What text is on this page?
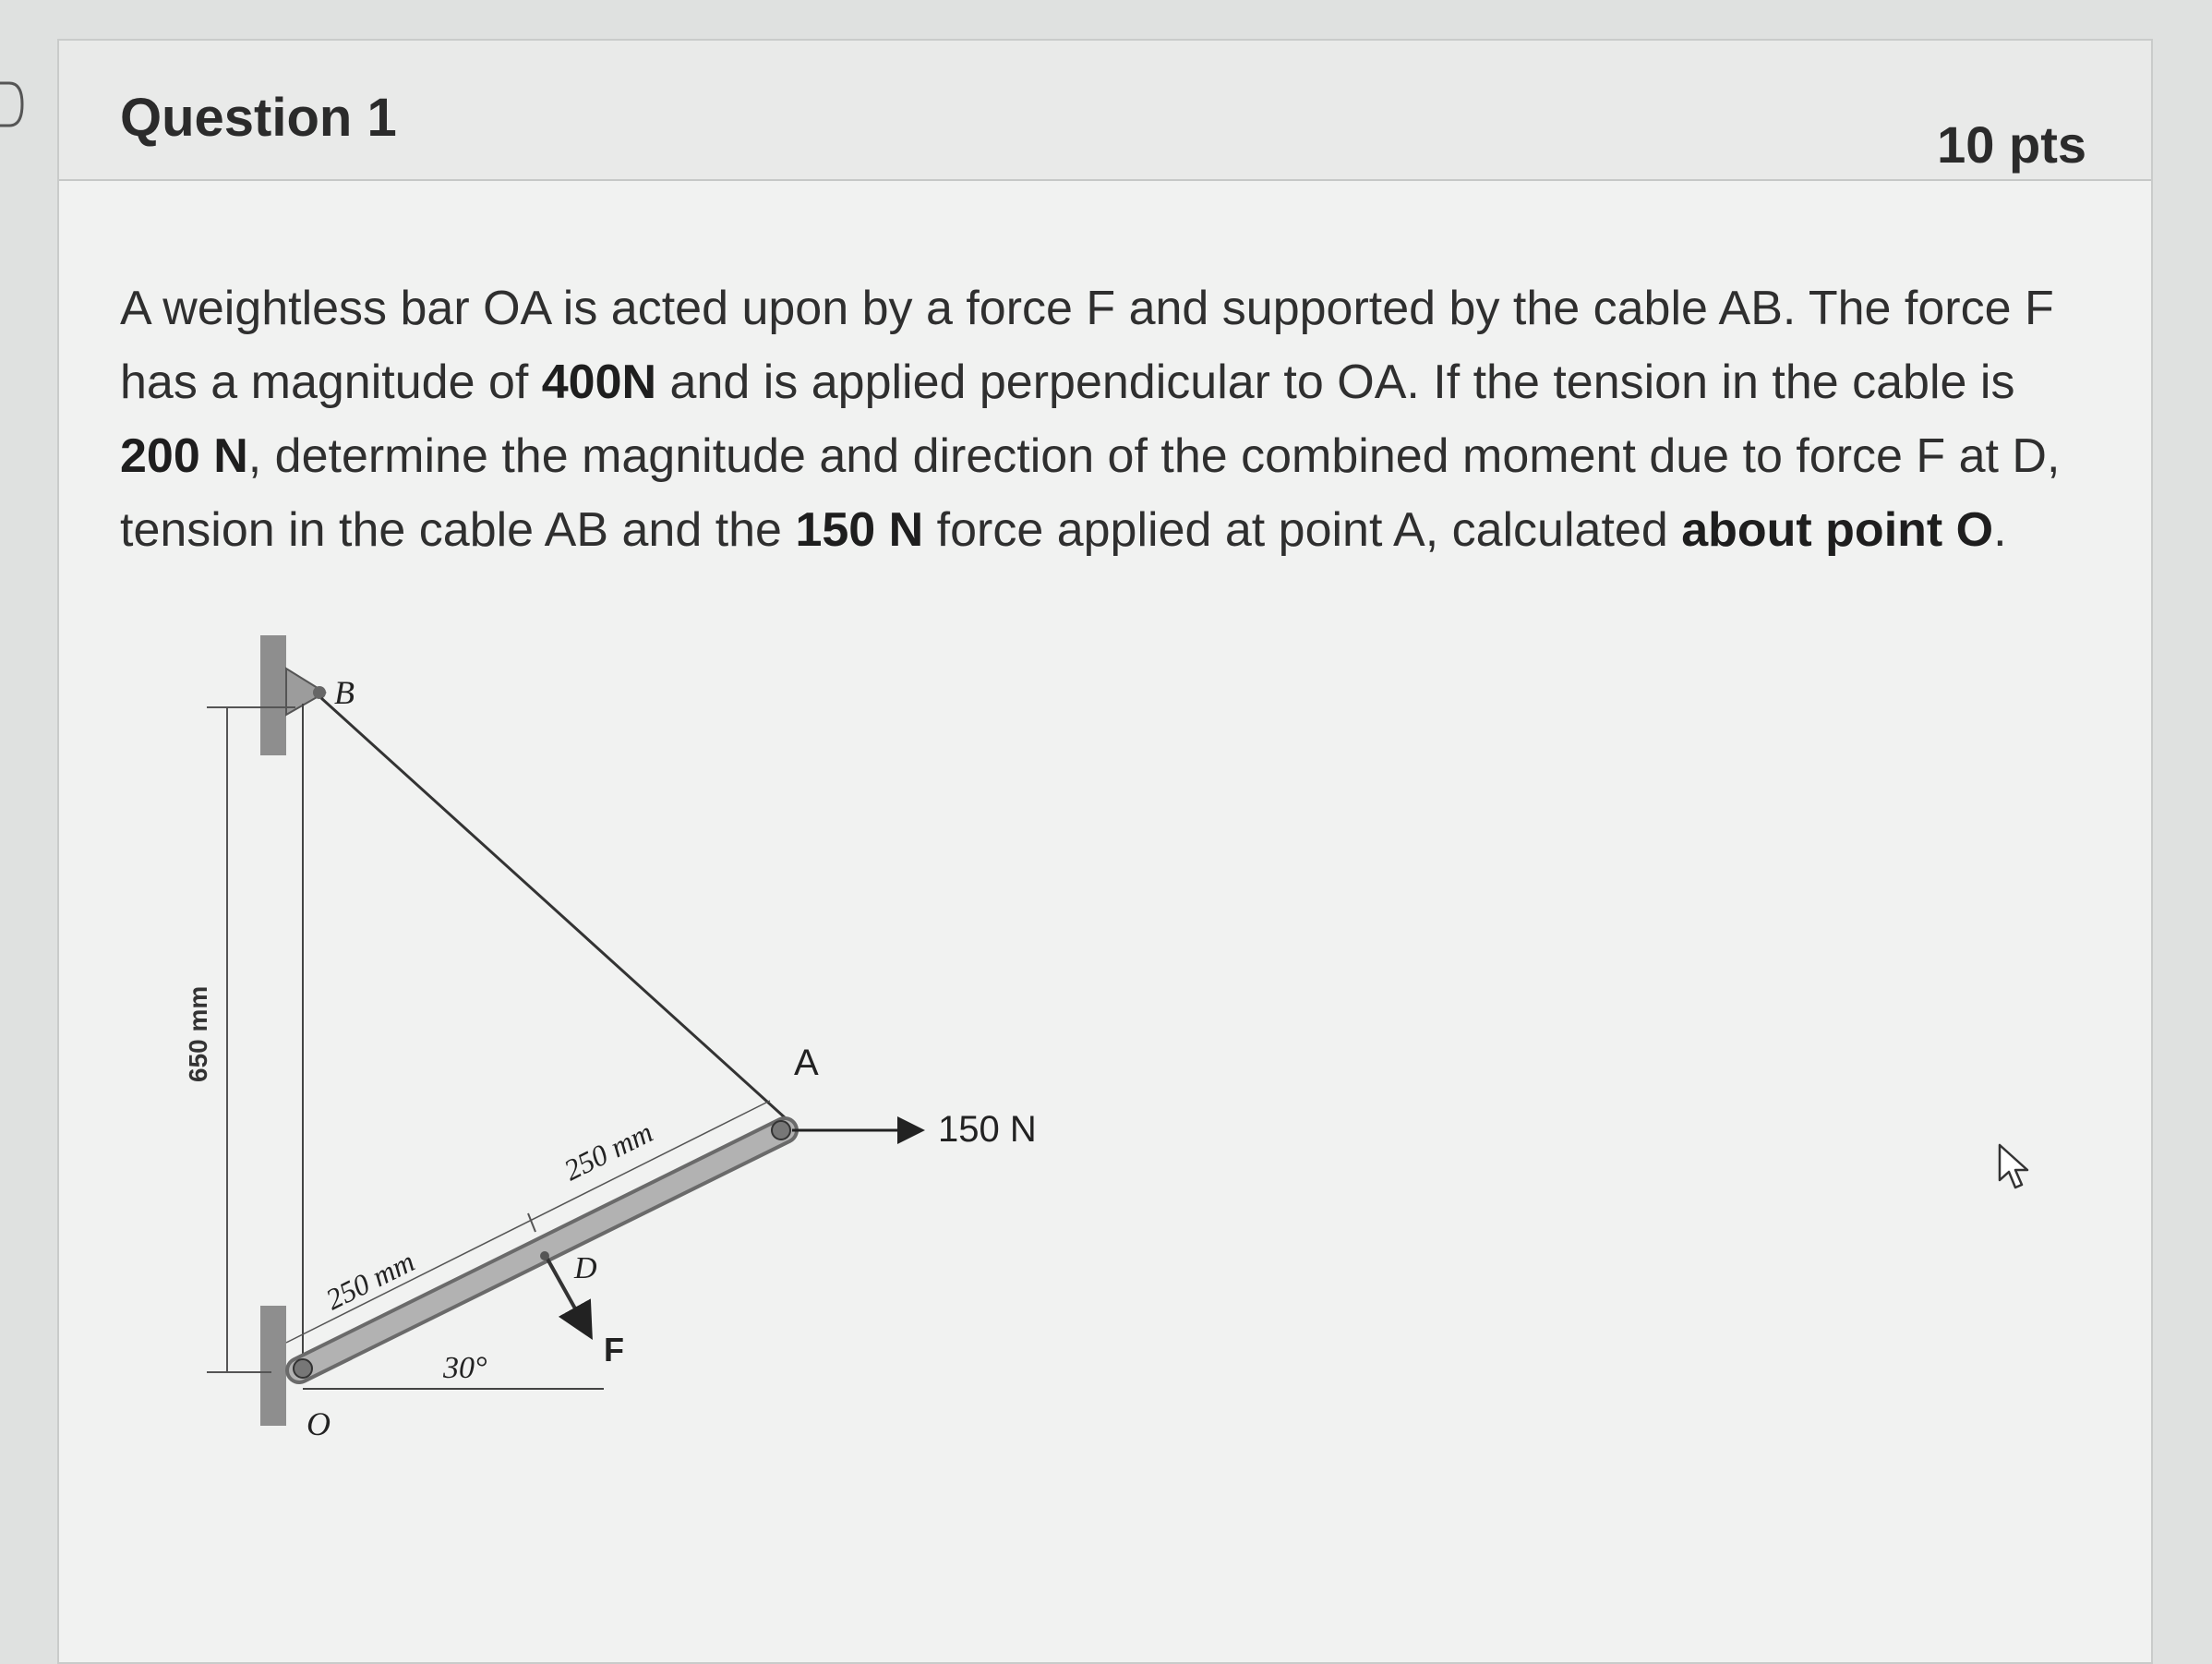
Question 1	10 pts

A weightless bar OA is acted upon by a force F and supported by the cable AB. The force F has a magnitude of 400N and is applied perpendicular to OA. If the tension in the cable is 200 N, determine the magnitude and direction of the combined moment due to force F at D, tension in the cable AB and the 150 N force applied at point A, calculated about point O.

650 mm
B
A
O
D
F
150 N
250 mm
250 mm
30°
